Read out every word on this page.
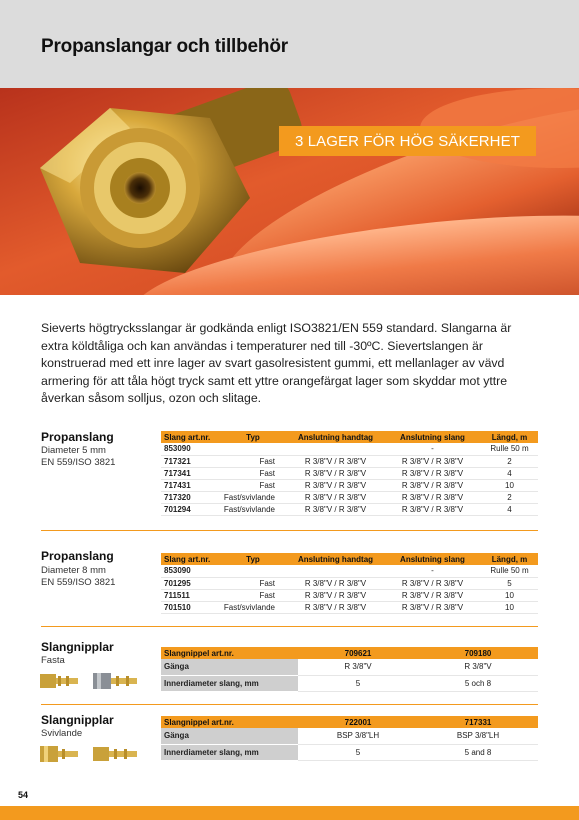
Propanslangar och tillbehör
3 LAGER FÖR HÖG SÄKERHET

Sieverts högtrycksslangar är godkända enligt ISO3821/EN 559 standard. Slangarna är extra köldtåliga och kan användas i temperaturer ned till -30ºC. Sievertslangen är konstruerad med ett inre lager av svart gasolresistent gummi, ett mellanlager av vävd armering för att tåla högt tryck samt ett yttre orangefärgat lager som skyddar mot yttre åverkan såsom solljus, ozon och slitage.

Propanslang
Diameter 5 mm
EN 559/ISO 3821
Slang art.nr.	Typ	Anslutning handtag	Anslutning slang	Längd, m
853090			-	Rulle 50 m
717321	Fast	R 3/8"V / R 3/8"V	R 3/8"V / R 3/8"V	2
717341	Fast	R 3/8"V / R 3/8"V	R 3/8"V / R 3/8"V	4
717431	Fast	R 3/8"V / R 3/8"V	R 3/8"V / R 3/8"V	10
717320	Fast/svivlande	R 3/8"V / R 3/8"V	R 3/8"V / R 3/8"V	2
701294	Fast/svivlande	R 3/8"V / R 3/8"V	R 3/8"V / R 3/8"V	4
Propanslang
Diameter 8 mm
EN 559/ISO 3821
Slang art.nr.	Typ	Anslutning handtag	Anslutning slang	Längd, m
853090			-	Rulle 50 m
701295	Fast	R 3/8"V / R 3/8"V	R 3/8"V / R 3/8"V	5
711511	Fast	R 3/8"V / R 3/8"V	R 3/8"V / R 3/8"V	10
701510	Fast/svivlande	R 3/8"V / R 3/8"V	R 3/8"V / R 3/8"V	10
Slangnipplar
Fasta
Slangnippel art.nr.	709621	709180
Gänga	R 3/8"V	R 3/8"V
Innerdiameter slang, mm	5	5 och 8
Slangnipplar
Svivlande
Slangnippel art.nr.	722001	717331
Gänga	BSP 3/8"LH	BSP 3/8"LH
Innerdiameter slang, mm	5	5 and 8
54
